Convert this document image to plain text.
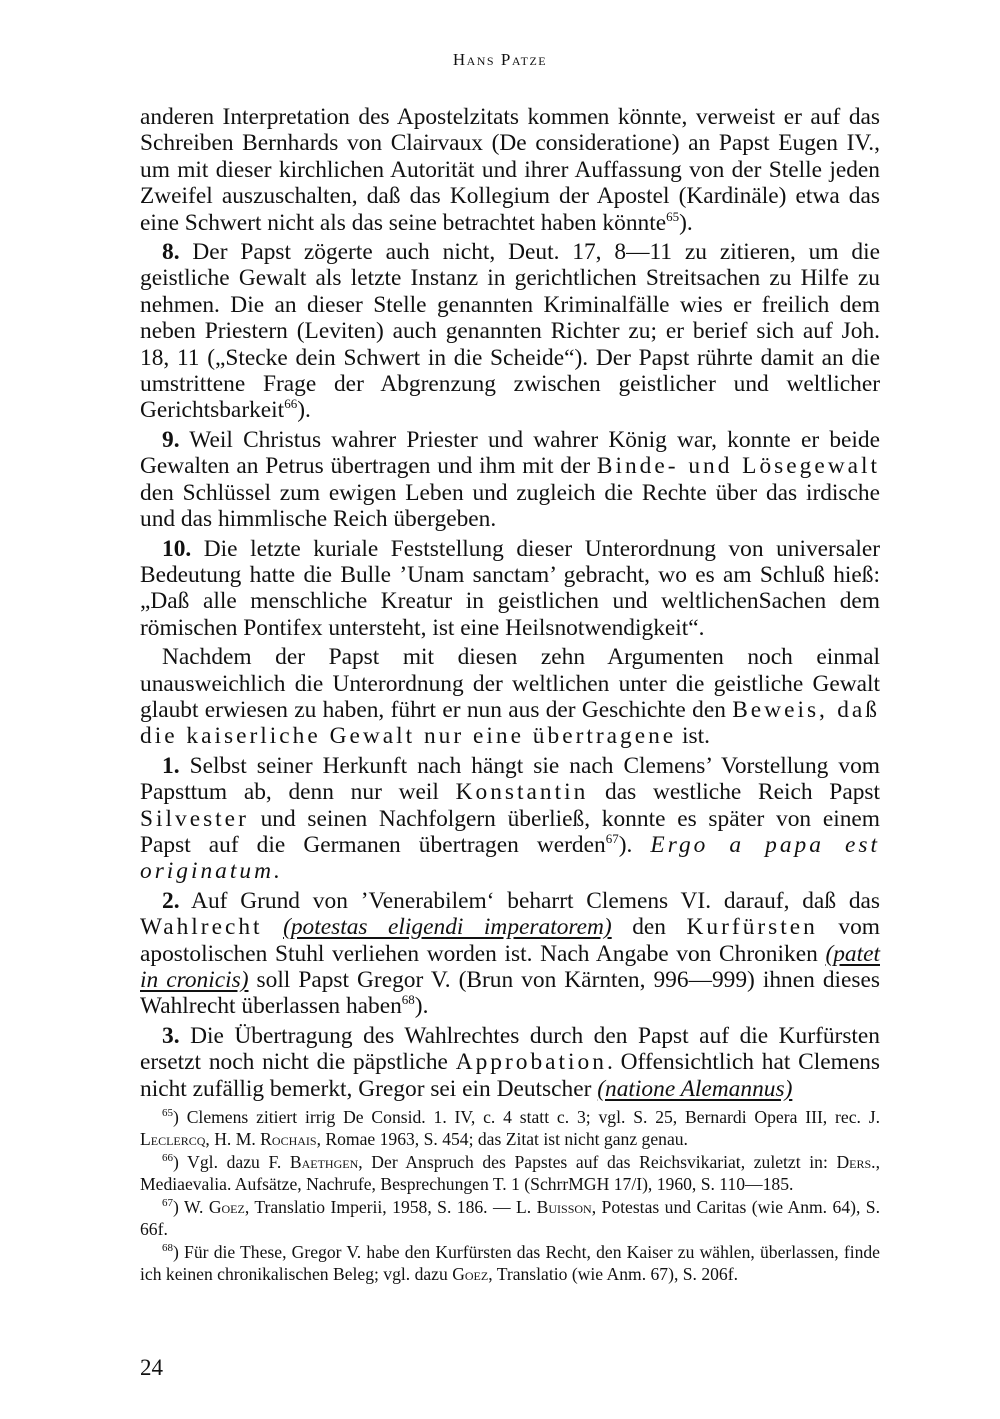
Hans Patze

anderen Interpretation des Apostelzitats kommen könnte, verweist er auf das Schreiben Bernhards von Clairvaux (De consideratione) an Papst Eugen IV., um mit dieser kirchlichen Autorität und ihrer Auffassung von der Stelle jeden Zweifel auszuschalten, daß das Kollegium der Apostel (Kardinäle) etwa das eine Schwert nicht als das seine betrachtet haben könnte$^{65}$).

8. Der Papst zögerte auch nicht, Deut. 17, 8—11 zu zitieren, um die geistliche Gewalt als letzte Instanz in gerichtlichen Streitsachen zu Hilfe zu nehmen. Die an dieser Stelle genannten Kriminalfälle wies er freilich dem neben Priestern (Leviten) auch genannten Richter zu; er berief sich auf Joh. 18, 11 („Stecke dein Schwert in die Scheide“). Der Papst rührte damit an die umstrittene Frage der Abgrenzung zwischen geistlicher und weltlicher Gerichtsbarkeit$^{66}$).

9. Weil Christus wahrer Priester und wahrer König war, konnte er beide Gewalten an Petrus übertragen und ihm mit der Binde- und Lösegewalt den Schlüssel zum ewigen Leben und zugleich die Rechte über das irdische und das himmlische Reich übergeben.

10. Die letzte kuriale Feststellung dieser Unterordnung von universaler Bedeutung hatte die Bulle ’Unam sanctam’ gebracht, wo es am Schluß hieß: „Daß alle menschliche Kreatur in geistlichen und weltlichenSachen dem römischen Pontifex untersteht, ist eine Heilsnotwendigkeit“.

Nachdem der Papst mit diesen zehn Argumenten noch einmal unausweichlich die Unterordnung der weltlichen unter die geistliche Gewalt glaubt erwiesen zu haben, führt er nun aus der Geschichte den Beweis, daß die kaiserliche Gewalt nur eine übertragene ist.

1. Selbst seiner Herkunft nach hängt sie nach Clemens’ Vorstellung vom Papsttum ab, denn nur weil Konstantin das westliche Reich Papst Silvester und seinen Nachfolgern überließ, konnte es später von einem Papst auf die Germanen übertragen werden$^{67}$). Ergo a papa est originatum.

2. Auf Grund von ’Venerabilem‘ beharrt Clemens VI. darauf, daß das Wahlrecht (potestas eligendi imperatorem) den Kurfürsten vom apostolischen Stuhl verliehen worden ist. Nach Angabe von Chroniken (patet in cronicis) soll Papst Gregor V. (Brun von Kärnten, 996—999) ihnen dieses Wahlrecht überlassen haben$^{68}$).

3. Die Übertragung des Wahlrechtes durch den Papst auf die Kurfürsten ersetzt noch nicht die päpstliche Approbation. Offensichtlich hat Clemens nicht zufällig bemerkt, Gregor sei ein Deutscher (natione Alemannus)

$^{65}$) Clemens zitiert irrig De Consid. 1. IV, c. 4 statt c. 3; vgl. S. 25, Bernardi Opera III, rec. J. Leclercq, H. M. Rochais, Romae 1963, S. 454; das Zitat ist nicht ganz genau.

$^{66}$) Vgl. dazu F. Baethgen, Der Anspruch des Papstes auf das Reichsvikariat, zuletzt in: Ders., Mediaevalia. Aufsätze, Nachrufe, Besprechungen T. 1 (SchrrMGH 17/I), 1960, S. 110—185.

$^{67}$) W. Goez, Translatio Imperii, 1958, S. 186. — L. Buisson, Potestas und Caritas (wie Anm. 64), S. 66f.

$^{68}$) Für die These, Gregor V. habe den Kurfürsten das Recht, den Kaiser zu wählen, überlassen, finde ich keinen chronikalischen Beleg; vgl. dazu Goez, Translatio (wie Anm. 67), S. 206f.

24
